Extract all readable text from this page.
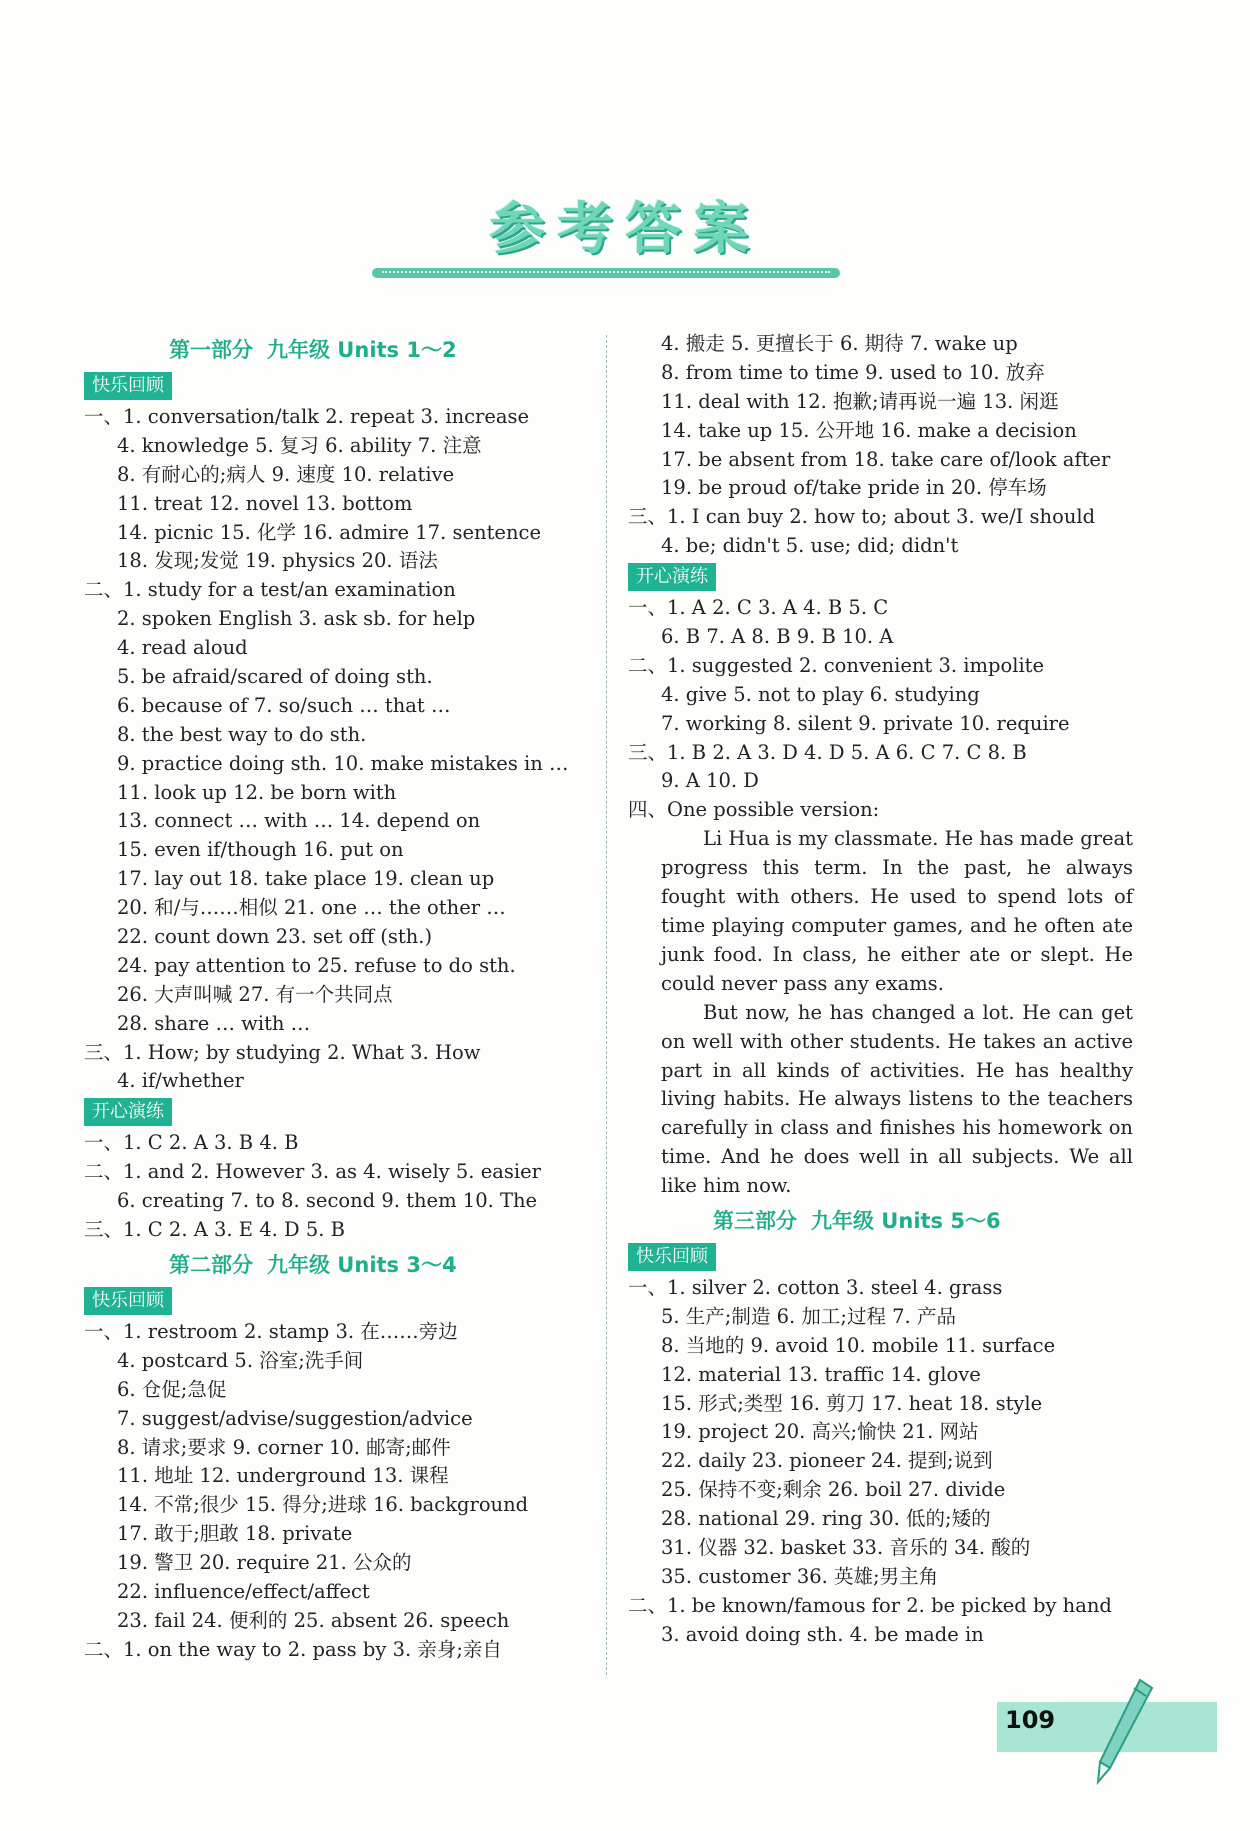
参考答案
第一部分 九年级 Units 1～2
快乐回顾
一、1. conversation/talk 2. repeat 3. increase
4. knowledge 5. 复习 6. ability 7. 注意
8. 有耐心的;病人 9. 速度 10. relative
11. treat 12. novel 13. bottom
14. picnic 15. 化学 16. admire 17. sentence
18. 发现;发觉 19. physics 20. 语法
二、1. study for a test/an examination
2. spoken English 3. ask sb. for help
4. read aloud
5. be afraid/scared of doing sth.
6. because of 7. so/such … that …
8. the best way to do sth.
9. practice doing sth. 10. make mistakes in …
11. look up 12. be born with
13. connect … with … 14. depend on
15. even if/though 16. put on
17. lay out 18. take place 19. clean up
20. 和/与……相似 21. one … the other …
22. count down 23. set off (sth.)
24. pay attention to 25. refuse to do sth.
26. 大声叫喊 27. 有一个共同点
28. share … with …
三、1. How; by studying 2. What 3. How
4. if/whether
开心演练
一、1. C 2. A 3. B 4. B
二、1. and 2. However 3. as 4. wisely 5. easier
6. creating 7. to 8. second 9. them 10. The
三、1. C 2. A 3. E 4. D 5. B
第二部分 九年级 Units 3～4
快乐回顾
一、1. restroom 2. stamp 3. 在……旁边
4. postcard 5. 浴室;洗手间
6. 仓促;急促
7. suggest/advise/suggestion/advice
8. 请求;要求 9. corner 10. 邮寄;邮件
11. 地址 12. underground 13. 课程
14. 不常;很少 15. 得分;进球 16. background
17. 敢于;胆敢 18. private
19. 警卫 20. require 21. 公众的
22. influence/effect/affect
23. fail 24. 便利的 25. absent 26. speech
二、1. on the way to 2. pass by 3. 亲身;亲自
4. 搬走 5. 更擅长于 6. 期待 7. wake up
8. from time to time 9. used to 10. 放弃
11. deal with 12. 抱歉;请再说一遍 13. 闲逛
14. take up 15. 公开地 16. make a decision
17. be absent from 18. take care of/look after
19. be proud of/take pride in 20. 停车场
三、1. I can buy 2. how to; about 3. we/I should
4. be; didn't 5. use; did; didn't
开心演练
一、1. A 2. C 3. A 4. B 5. C
6. B 7. A 8. B 9. B 10. A
二、1. suggested 2. convenient 3. impolite
4. give 5. not to play 6. studying
7. working 8. silent 9. private 10. require
三、1. B 2. A 3. D 4. D 5. A 6. C 7. C 8. B
9. A 10. D
四、One possible version:

Li Hua is my classmate. He has made great progress this term. In the past, he always fought with others. He used to spend lots of time playing computer games, and he often ate junk food. In class, he either ate or slept. He could never pass any exams.

But now, he has changed a lot. He can get on well with other students. He takes an active part in all kinds of activities. He has healthy living habits. He always listens to the teachers carefully in class and finishes his homework on time. And he does well in all subjects. We all like him now.

第三部分 九年级 Units 5～6
快乐回顾
一、1. silver 2. cotton 3. steel 4. grass
5. 生产;制造 6. 加工;过程 7. 产品
8. 当地的 9. avoid 10. mobile 11. surface
12. material 13. traffic 14. glove
15. 形式;类型 16. 剪刀 17. heat 18. style
19. project 20. 高兴;愉快 21. 网站
22. daily 23. pioneer 24. 提到;说到
25. 保持不变;剩余 26. boil 27. divide
28. national 29. ring 30. 低的;矮的
31. 仪器 32. basket 33. 音乐的 34. 酸的
35. customer 36. 英雄;男主角
二、1. be known/famous for 2. be picked by hand
3. avoid doing sth. 4. be made in
109
